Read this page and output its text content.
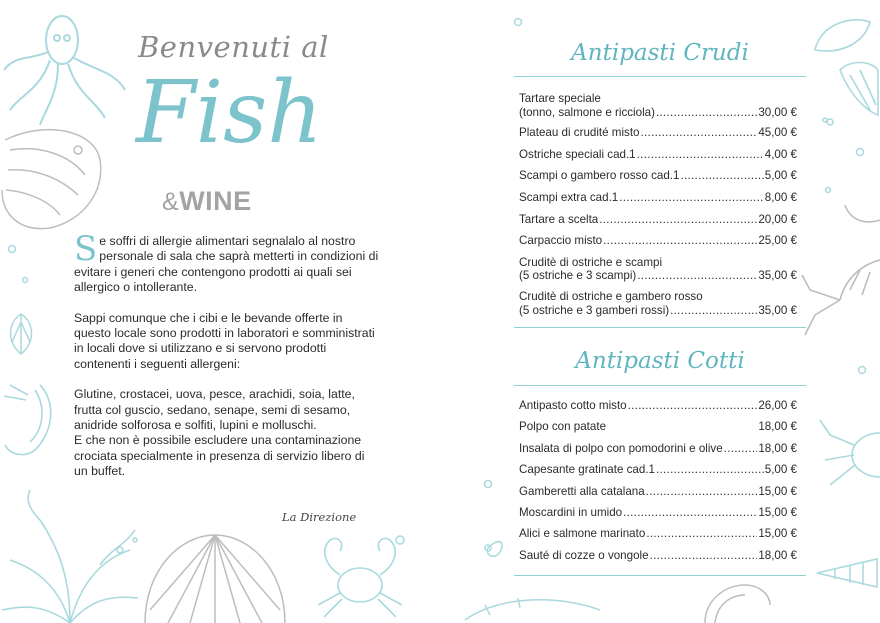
Benvenuti al
Fish
&WINE

Se soffri di allergie alimentari segnalalo al nostro personale di sala che saprà metterti in condizioni di evitare i generi che contengono prodotti ai quali sei allergico o intollerante.

Sappi comunque che i cibi e le bevande offerte in questo locale sono prodotti in laboratori e somministrati in locali dove si utilizzano e si servono prodotti contenenti i seguenti allergeni:

Glutine, crostacei, uova, pesce, arachidi, soia, latte, frutta col guscio, sedano, senape, semi di sesamo, anidride solforosa e solfiti, lupini e molluschi.

E che non è possibile escludere una contaminazione crociata specialmente in presenza di servizio libero di un buffet.

La Direzione
Antipasti Crudi
Tartare speciale
(tonno, salmone e ricciola) .....	30,00 €
Plateau di crudité misto .....	45,00 €
Ostriche speciali cad.1 .....	4,00 €
Scampi o gambero rosso cad.1 .....	5,00 €
Scampi extra cad.1 .....	8,00 €
Tartare a scelta .....	20,00 €
Carpaccio misto .....	25,00 €
Cruditè di ostriche e scampi
(5 ostriche e 3 scampi) .....	35,00 €
Cruditè di ostriche e gambero rosso
(5 ostriche e 3 gamberi rossi) .....	35,00 €
Antipasti Cotti
Antipasto cotto misto .....	26,00 €
Polpo con patate	18,00 €
Insalata di polpo con pomodorini e olive .....	18,00 €
Capesante gratinate cad.1 .....	5,00 €
Gamberetti alla catalana .....	15,00 €
Moscardini in umido .....	15,00 €
Alici e salmone marinato .....	15,00 €
Sauté di cozze o vongole .....	18,00 €
